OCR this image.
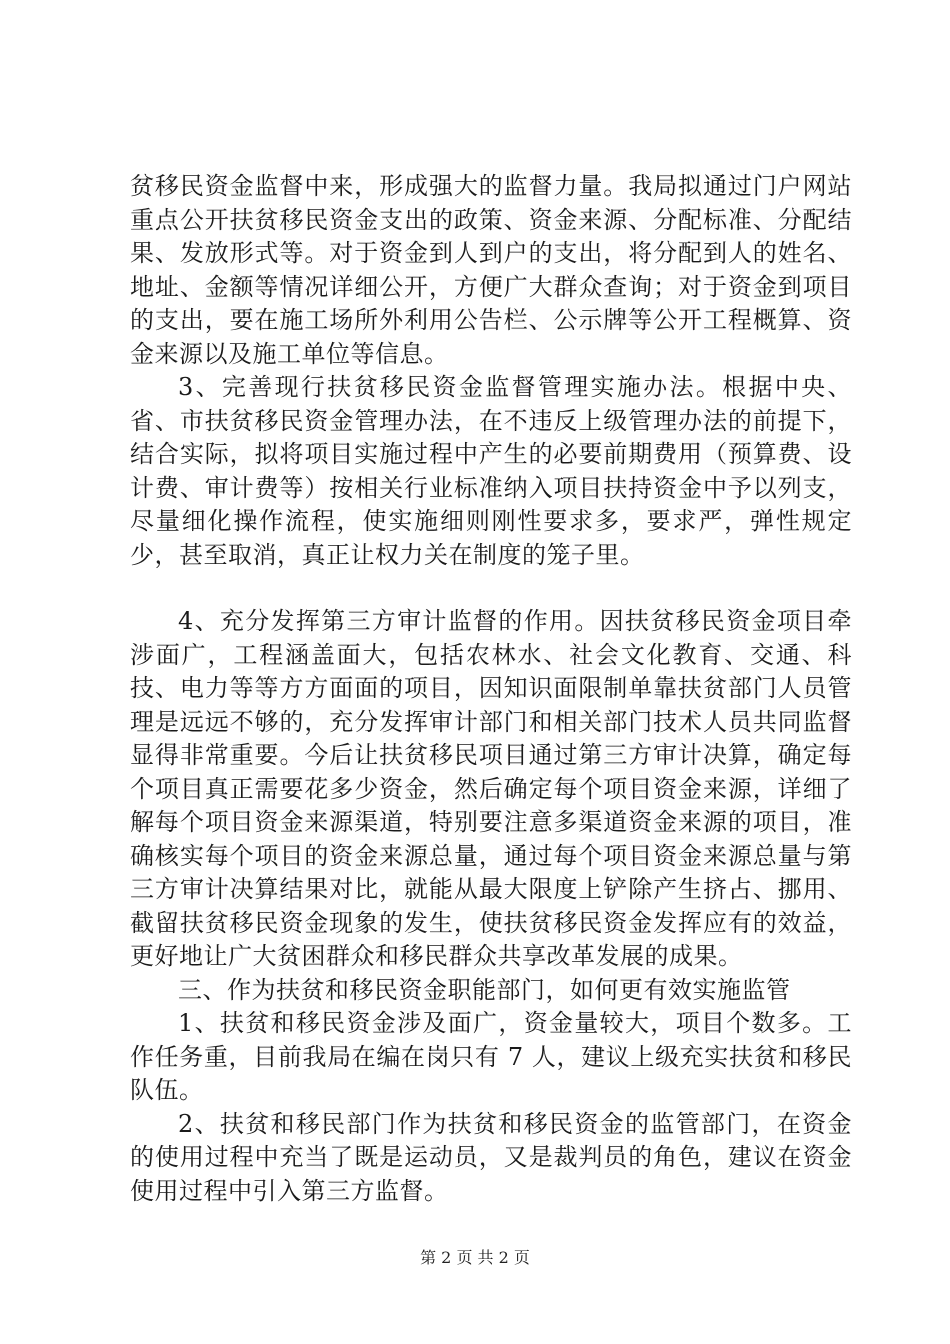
贫移民资金监督中来，形成强大的监督力量。我局拟通过门户网站重点公开扶贫移民资金支出的政策、资金来源、分配标准、分配结果、发放形式等。对于资金到人到户的支出，将分配到人的姓名、地址、金额等情况详细公开，方便广大群众查询；对于资金到项目的支出，要在施工场所外利用公告栏、公示牌等公开工程概算、资金来源以及施工单位等信息。

3、完善现行扶贫移民资金监督管理实施办法。根据中央、省、市扶贫移民资金管理办法，在不违反上级管理办法的前提下，结合实际，拟将项目实施过程中产生的必要前期费用（预算费、设计费、审计费等）按相关行业标准纳入项目扶持资金中予以列支，尽量细化操作流程，使实施细则刚性要求多，要求严，弹性规定少，甚至取消，真正让权力关在制度的笼子里。

4、充分发挥第三方审计监督的作用。因扶贫移民资金项目牵涉面广，工程涵盖面大，包括农林水、社会文化教育、交通、科技、电力等等方方面面的项目，因知识面限制单靠扶贫部门人员管理是远远不够的，充分发挥审计部门和相关部门技术人员共同监督显得非常重要。今后让扶贫移民项目通过第三方审计决算，确定每个项目真正需要花多少资金，然后确定每个项目资金来源，详细了解每个项目资金来源渠道，特别要注意多渠道资金来源的项目，准确核实每个项目的资金来源总量，通过每个项目资金来源总量与第三方审计决算结果对比，就能从最大限度上铲除产生挤占、挪用、截留扶贫移民资金现象的发生，使扶贫移民资金发挥应有的效益，更好地让广大贫困群众和移民群众共享改革发展的成果。

三、作为扶贫和移民资金职能部门，如何更有效实施监管

1、扶贫和移民资金涉及面广，资金量较大，项目个数多。工作任务重，目前我局在编在岗只有 7 人，建议上级充实扶贫和移民队伍。

2、扶贫和移民部门作为扶贫和移民资金的监管部门，在资金的使用过程中充当了既是运动员，又是裁判员的角色，建议在资金使用过程中引入第三方监督。

第 2 页 共 2 页
